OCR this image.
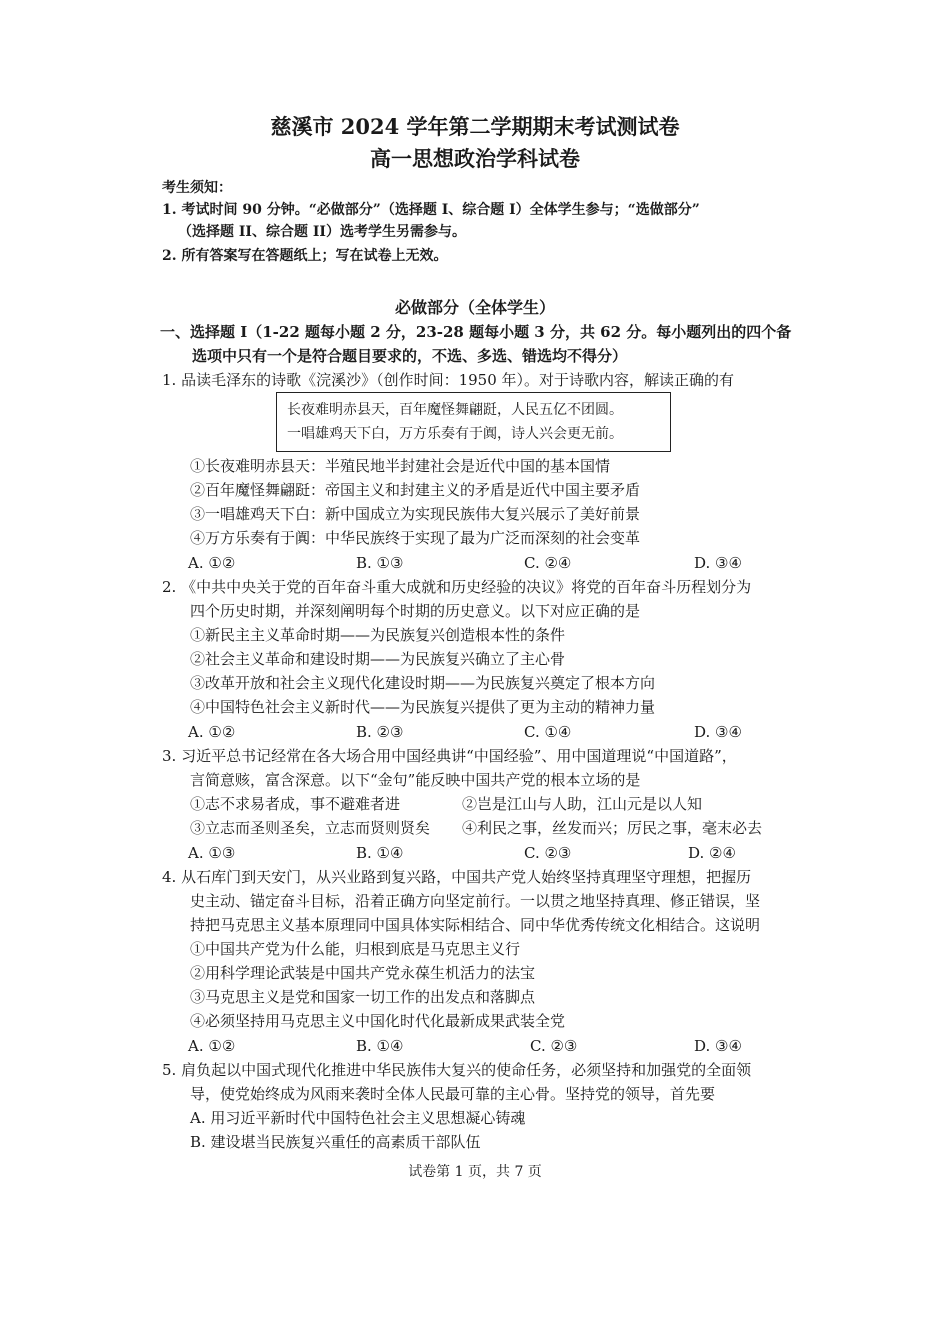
慈溪市 2024 学年第二学期期末考试测试卷
高一思想政治学科试卷
考生须知：
1. 考试时间 90 分钟。“必做部分”（选择题 I、综合题 I）全体学生参与；“选做部分”
（选择题 II、综合题 II）选考学生另需参与。
2. 所有答案写在答题纸上；写在试卷上无效。
必做部分（全体学生）
一、选择题 I（1-22 题每小题 2 分，23-28 题每小题 3 分，共 62 分。每小题列出的四个备
选项中只有一个是符合题目要求的，不选、多选、错选均不得分）
1. 品读毛泽东的诗歌《浣溪沙》（创作时间：1950 年）。对于诗歌内容，解读正确的有
长夜难明赤县天，百年魔怪舞翩跹，人民五亿不团圆。
一唱雄鸡天下白，万方乐奏有于阗，诗人兴会更无前。
①长夜难明赤县天：半殖民地半封建社会是近代中国的基本国情
②百年魔怪舞翩跹：帝国主义和封建主义的矛盾是近代中国主要矛盾
③一唱雄鸡天下白：新中国成立为实现民族伟大复兴展示了美好前景
④万方乐奏有于阗：中华民族终于实现了最为广泛而深刻的社会变革
A. ①②	B. ①③	C. ②④	D. ③④
2. 《中共中央关于党的百年奋斗重大成就和历史经验的决议》将党的百年奋斗历程划分为
四个历史时期，并深刻阐明每个时期的历史意义。以下对应正确的是
①新民主主义革命时期——为民族复兴创造根本性的条件
②社会主义革命和建设时期——为民族复兴确立了主心骨
③改革开放和社会主义现代化建设时期——为民族复兴奠定了根本方向
④中国特色社会主义新时代——为民族复兴提供了更为主动的精神力量
A. ①②	B. ②③	C. ①④	D. ③④
3. 习近平总书记经常在各大场合用中国经典讲“中国经验”、用中国道理说“中国道路”，
言简意赅，富含深意。以下“金句”能反映中国共产党的根本立场的是
①志不求易者成，事不避难者进	②岂是江山与人助，江山元是以人知
③立志而圣则圣矣，立志而贤则贤矣 ④利民之事，丝发而兴；厉民之事，毫末必去
A. ①③	B. ①④	C. ②③	D. ②④
4. 从石库门到天安门，从兴业路到复兴路，中国共产党人始终坚持真理坚守理想，把握历
史主动、锚定奋斗目标，沿着正确方向坚定前行。一以贯之地坚持真理、修正错误，坚
持把马克思主义基本原理同中国具体实际相结合、同中华优秀传统文化相结合。这说明
①中国共产党为什么能，归根到底是马克思主义行
②用科学理论武装是中国共产党永葆生机活力的法宝
③马克思主义是党和国家一切工作的出发点和落脚点
④必须坚持用马克思主义中国化时代化最新成果武装全党
A. ①②	B. ①④	C. ②③	D. ③④
5. 肩负起以中国式现代化推进中华民族伟大复兴的使命任务，必须坚持和加强党的全面领
导，使党始终成为风雨来袭时全体人民最可靠的主心骨。坚持党的领导，首先要
A. 用习近平新时代中国特色社会主义思想凝心铸魂
B. 建设堪当民族复兴重任的高素质干部队伍
试卷第 1 页，共 7 页
